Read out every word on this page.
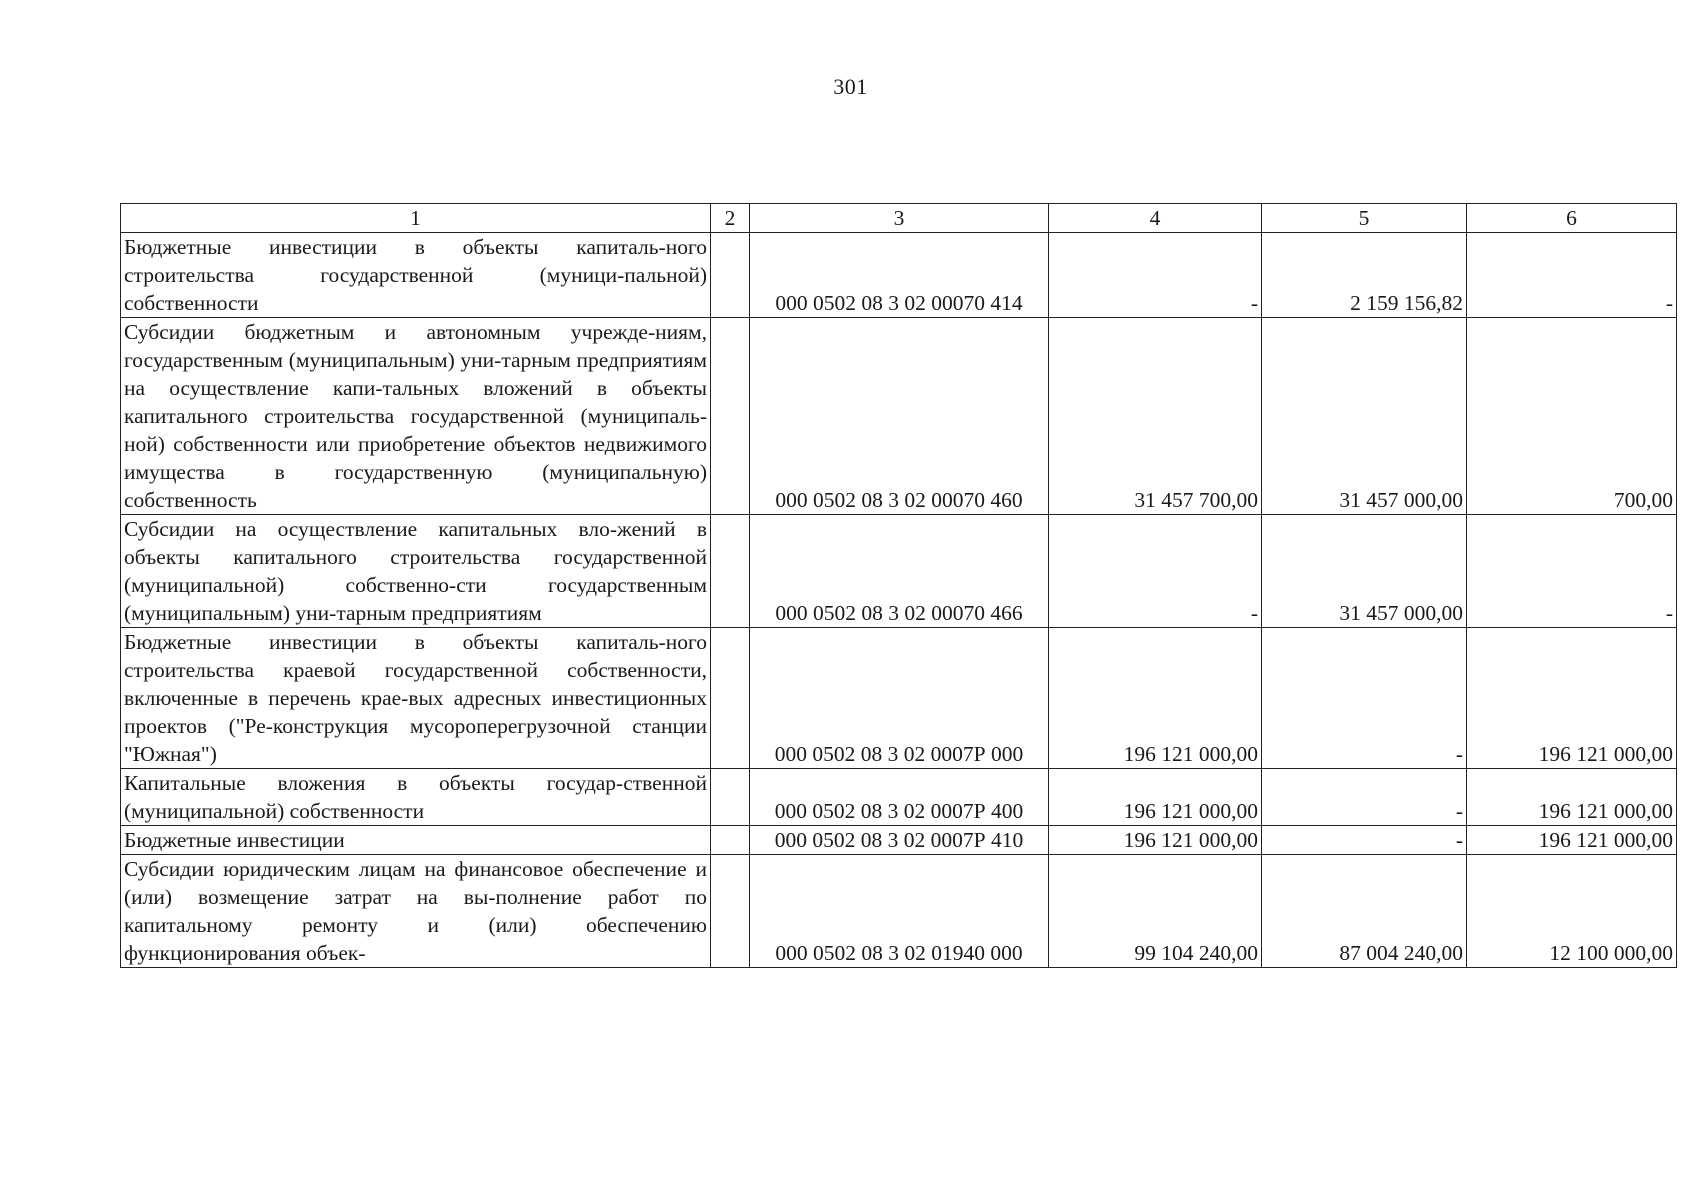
301
1	2	3	4	5	6
Бюджетные инвестиции в объекты капиталь-ного строительства государственной (муници-пальной) собственности		000 0502 08 3 02 00070 414	-	2 159 156,82	-
Субсидии бюджетным и автономным учрежде-ниям, государственным (муниципальным) уни-тарным предприятиям на осуществление капи-тальных вложений в объекты капитального строительства государственной (муниципаль-ной) собственности или приобретение объектов недвижимого имущества в государственную (муниципальную) собственность		000 0502 08 3 02 00070 460	31 457 700,00	31 457 000,00	700,00
Субсидии на осуществление капитальных вло-жений в объекты капитального строительства государственной (муниципальной) собственно-сти государственным (муниципальным) уни-тарным предприятиям		000 0502 08 3 02 00070 466	-	31 457 000,00	-
Бюджетные инвестиции в объекты капиталь-ного строительства краевой государственной собственности, включенные в перечень крае-вых адресных инвестиционных проектов ("Ре-конструкция мусороперегрузочной станции "Южная")		000 0502 08 3 02 0007Р 000	196 121 000,00	-	196 121 000,00
Капитальные вложения в объекты государ-ственной (муниципальной) собственности		000 0502 08 3 02 0007Р 400	196 121 000,00	-	196 121 000,00
Бюджетные инвестиции		000 0502 08 3 02 0007Р 410	196 121 000,00	-	196 121 000,00
Субсидии юридическим лицам на финансовое обеспечение и (или) возмещение затрат на вы-полнение работ по капитальному ремонту и (или) обеспечению функционирования объек-		000 0502 08 3 02 01940 000	99 104 240,00	87 004 240,00	12 100 000,00
